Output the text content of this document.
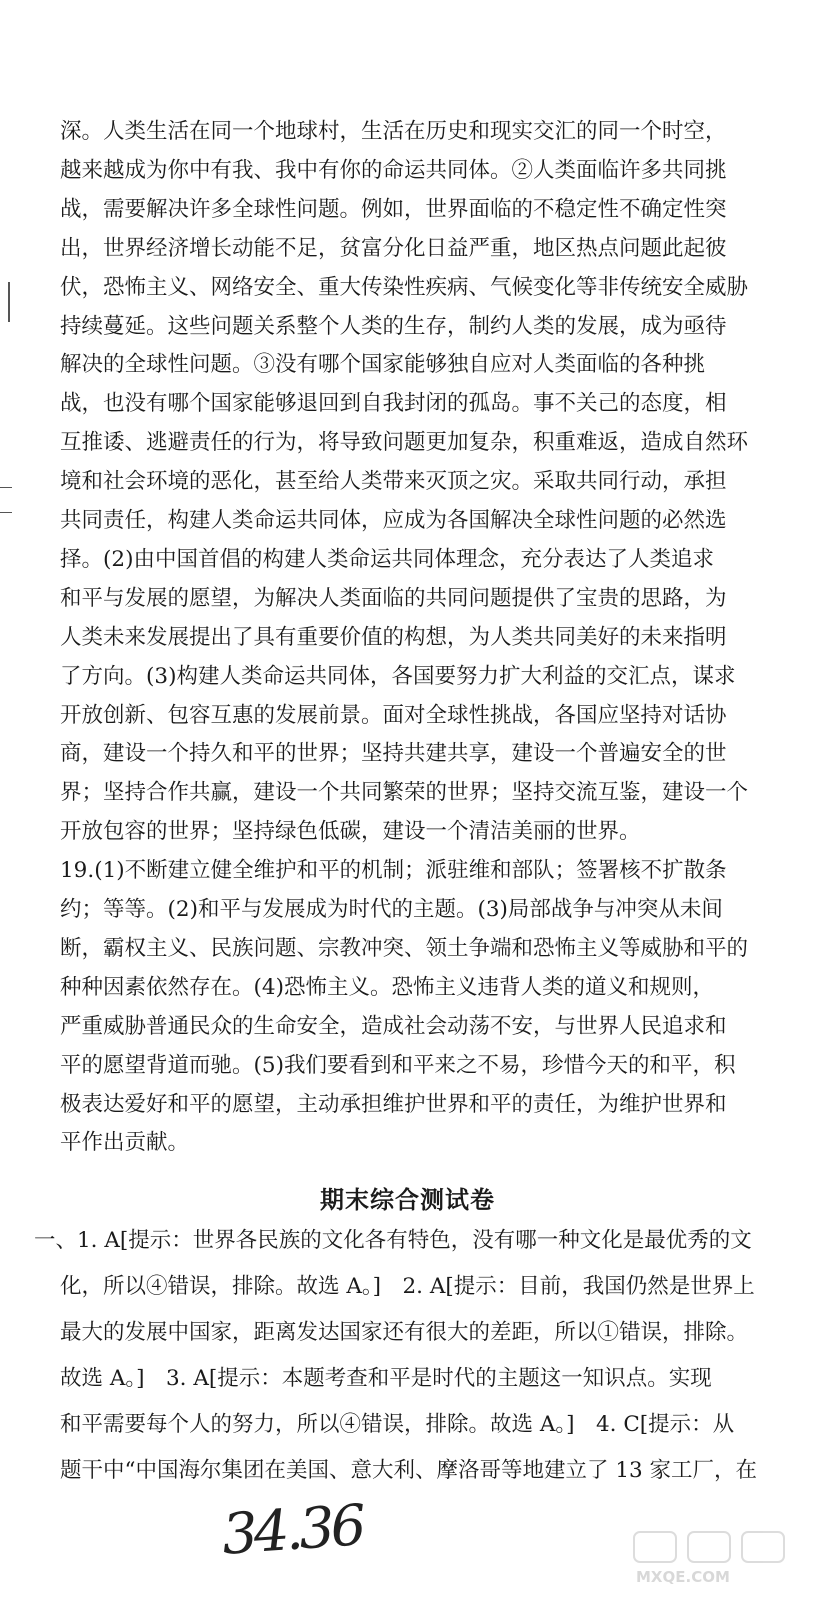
深。人类生活在同一个地球村，生活在历史和现实交汇的同一个时空，
越来越成为你中有我、我中有你的命运共同体。②人类面临许多共同挑
战，需要解决许多全球性问题。例如，世界面临的不稳定性不确定性突
出，世界经济增长动能不足，贫富分化日益严重，地区热点问题此起彼
伏，恐怖主义、网络安全、重大传染性疾病、气候变化等非传统安全威胁
持续蔓延。这些问题关系整个人类的生存，制约人类的发展，成为亟待
解决的全球性问题。③没有哪个国家能够独自应对人类面临的各种挑
战，也没有哪个国家能够退回到自我封闭的孤岛。事不关己的态度，相
互推诿、逃避责任的行为，将导致问题更加复杂，积重难返，造成自然环
境和社会环境的恶化，甚至给人类带来灭顶之灾。采取共同行动，承担
共同责任，构建人类命运共同体，应成为各国解决全球性问题的必然选
择。(2)由中国首倡的构建人类命运共同体理念，充分表达了人类追求
和平与发展的愿望，为解决人类面临的共同问题提供了宝贵的思路，为
人类未来发展提出了具有重要价值的构想，为人类共同美好的未来指明
了方向。(3)构建人类命运共同体，各国要努力扩大利益的交汇点，谋求
开放创新、包容互惠的发展前景。面对全球性挑战，各国应坚持对话协
商，建设一个持久和平的世界；坚持共建共享，建设一个普遍安全的世
界；坚持合作共赢，建设一个共同繁荣的世界；坚持交流互鉴，建设一个
开放包容的世界；坚持绿色低碳，建设一个清洁美丽的世界。
19.(1)不断建立健全维护和平的机制；派驻维和部队；签署核不扩散条
约；等等。(2)和平与发展成为时代的主题。(3)局部战争与冲突从未间
断，霸权主义、民族问题、宗教冲突、领土争端和恐怖主义等威胁和平的
种种因素依然存在。(4)恐怖主义。恐怖主义违背人类的道义和规则，
严重威胁普通民众的生命安全，造成社会动荡不安，与世界人民追求和
平的愿望背道而驰。(5)我们要看到和平来之不易，珍惜今天的和平，积
极表达爱好和平的愿望，主动承担维护世界和平的责任，为维护世界和
平作出贡献。
期末综合测试卷
一、1. A[提示：世界各民族的文化各有特色，没有哪一种文化是最优秀的文
化，所以④错误，排除。故选 A。]　2. A[提示：目前，我国仍然是世界上
最大的发展中国家，距离发达国家还有很大的差距，所以①错误，排除。
故选 A。]　3. A[提示：本题考查和平是时代的主题这一知识点。实现
和平需要每个人的努力，所以④错误，排除。故选 A。]　4. C[提示：从
题干中“中国海尔集团在美国、意大利、摩洛哥等地建立了 13 家工厂，在
34.36
MXQE.COM
